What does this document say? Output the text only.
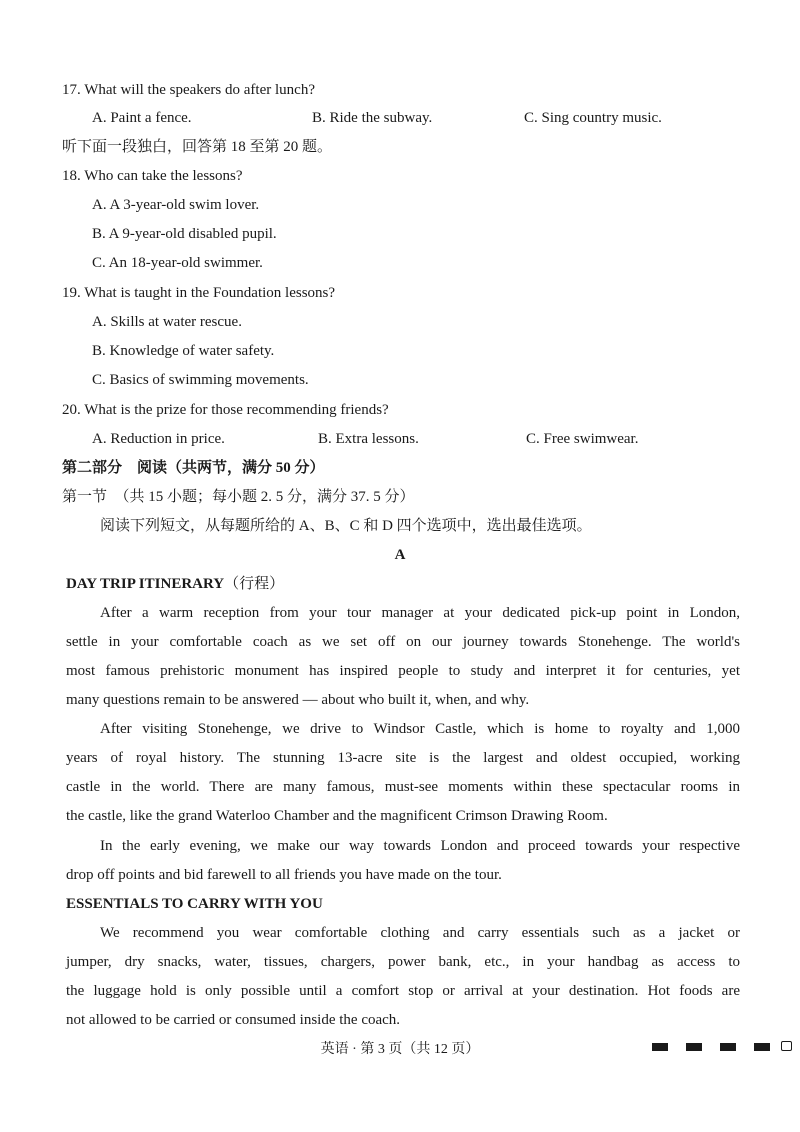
17. What will the speakers do after lunch?
A. Paint a fence.	B. Ride the subway.	C. Sing country music.
听下面一段独白，回答第 18 至第 20 题。
18. Who can take the lessons?
A. A 3-year-old swim lover.
B. A 9-year-old disabled pupil.
C. An 18-year-old swimmer.
19. What is taught in the Foundation lessons?
A. Skills at water rescue.
B. Knowledge of water safety.
C. Basics of swimming movements.
20. What is the prize for those recommending friends?
A. Reduction in price.	B. Extra lessons.	C. Free swimwear.
第二部分　阅读（共两节，满分 50 分）
第一节　（共 15 小题；每小题 2. 5 分，满分 37. 5 分）
阅读下列短文，从每题所给的 A、B、C 和 D 四个选项中，选出最佳选项。
A
DAY TRIP ITINERARY（行程）
After a warm reception from your tour manager at your dedicated pick-up point in London,
settle in your comfortable coach as we set off on our journey towards Stonehenge. The world's
most famous prehistoric monument has inspired people to study and interpret it for centuries, yet
many questions remain to be answered — about who built it, when, and why.
After visiting Stonehenge, we drive to Windsor Castle, which is home to royalty and 1,000
years of royal history. The stunning 13-acre site is the largest and oldest occupied, working
castle in the world. There are many famous, must-see moments within these spectacular rooms in
the castle, like the grand Waterloo Chamber and the magnificent Crimson Drawing Room.
In the early evening, we make our way towards London and proceed towards your respective
drop off points and bid farewell to all friends you have made on the tour.
ESSENTIALS TO CARRY WITH YOU
We recommend you wear comfortable clothing and carry essentials such as a jacket or
jumper, dry snacks, water, tissues, chargers, power bank, etc., in your handbag as access to
the luggage hold is only possible until a comfort stop or arrival at your destination. Hot foods are
not allowed to be carried or consumed inside the coach.
英语 · 第 3 页（共 12 页）
